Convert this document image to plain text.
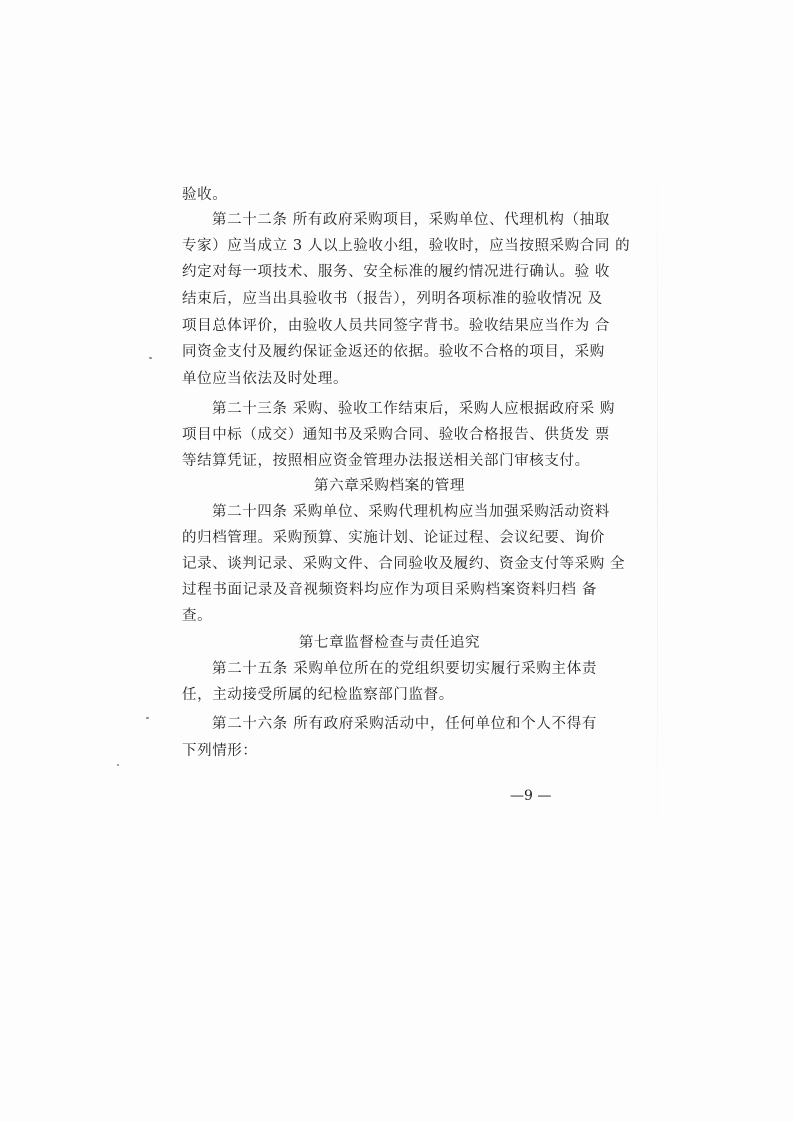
验收。
第二十二条 所有政府采购项目，采购单位、代理机构（抽取
专家）应当成立 3 人以上验收小组，验收时，应当按照采购合同 的
约定对每一项技术、服务、安全标准的履约情况进行确认。验 收
结束后，应当出具验收书（报告），列明各项标准的验收情况 及
项目总体评价，由验收人员共同签字背书。验收结果应当作为 合
同资金支付及履约保证金返还的依据。验收不合格的项目，采购
单位应当依法及时处理。
第二十三条 采购、验收工作结束后，采购人应根据政府采 购
项目中标（成交）通知书及采购合同、验收合格报告、供货发 票
等结算凭证，按照相应资金管理办法报送相关部门审核支付。
第六章采购档案的管理
第二十四条 采购单位、采购代理机构应当加强采购活动资料
的归档管理。采购预算、实施计划、论证过程、会议纪要、询价
记录、谈判记录、采购文件、合同验收及履约、资金支付等采购 全
过程书面记录及音视频资料均应作为项目采购档案资料归档 备
查。
第七章监督检查与责任追究
第二十五条 采购单位所在的党组织要切实履行采购主体责
任，主动接受所属的纪检监察部门监督。
第二十六条 所有政府采购活动中，任何单位和个人不得有
下列情形：
—9 —
